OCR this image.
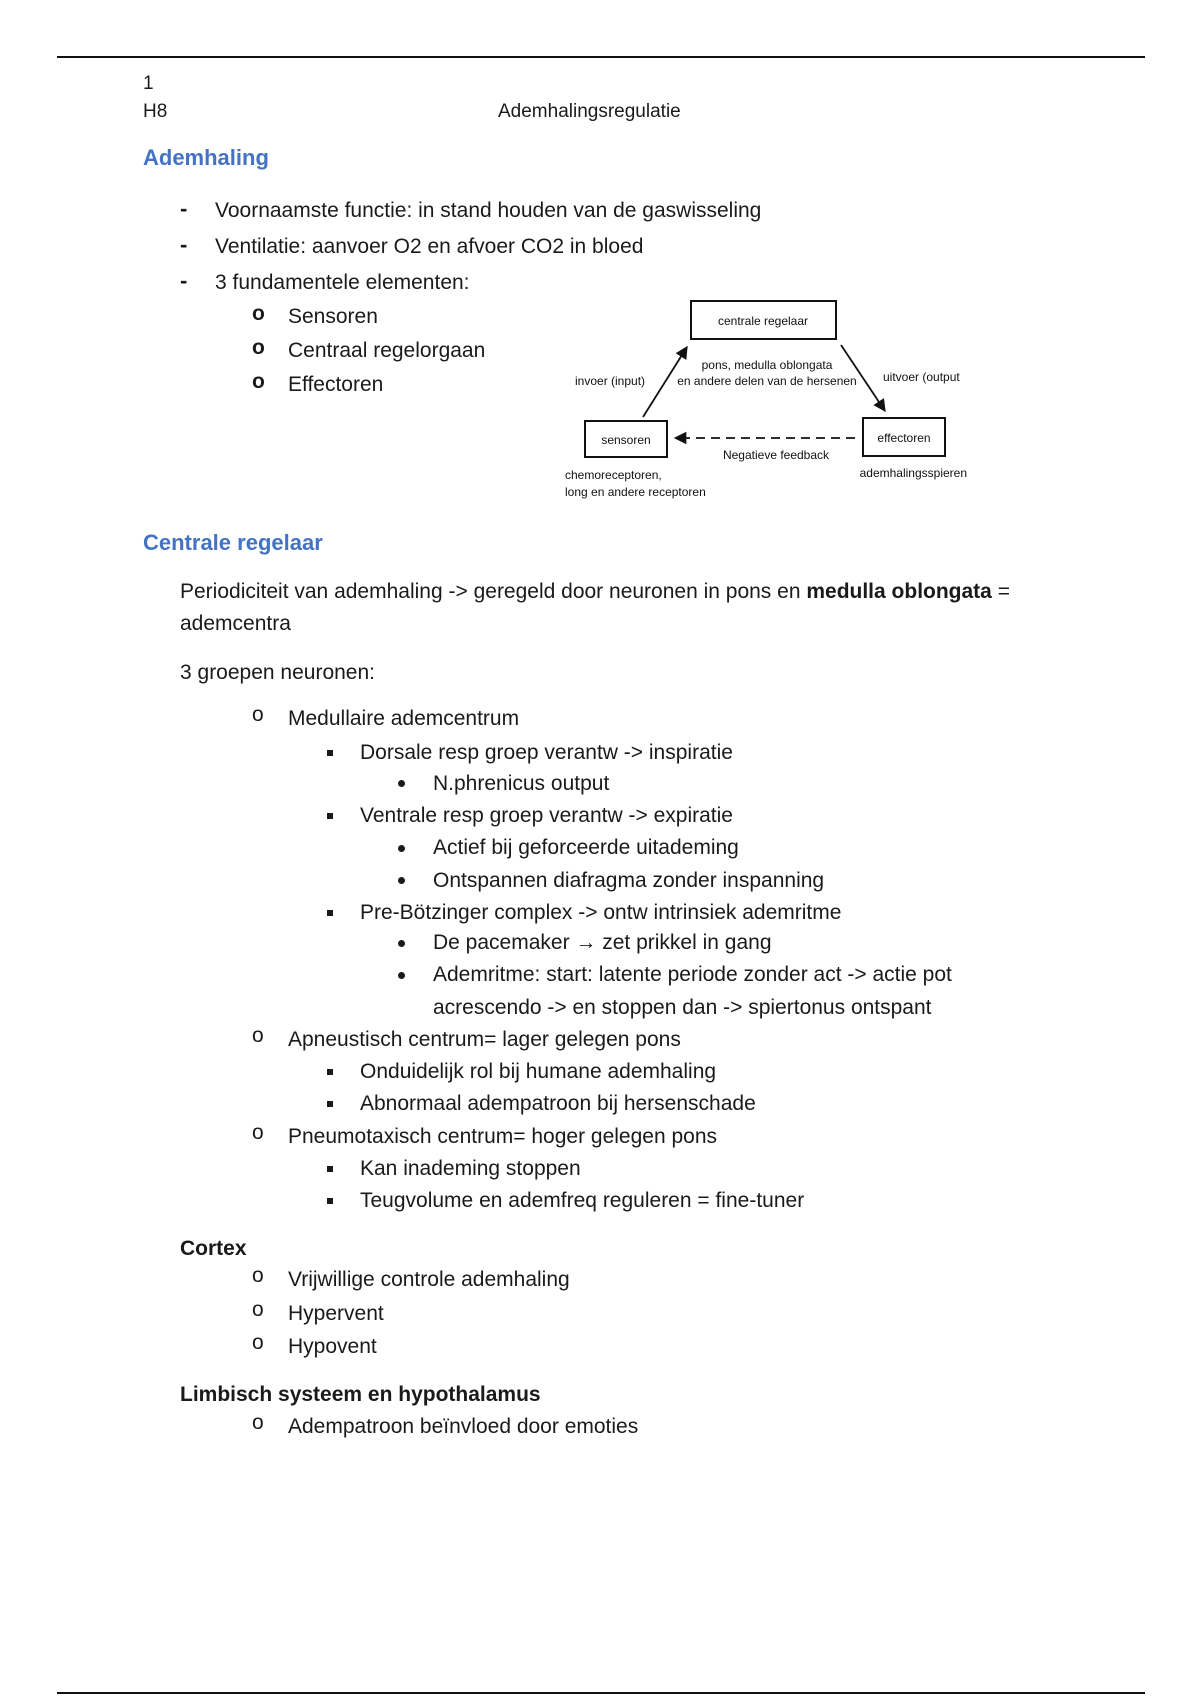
1
H8	Ademhalingsregulatie
Ademhaling
- Voornaamste functie: in stand houden van de gaswisseling
- Ventilatie: aanvoer O2 en afvoer CO2 in bloed
- 3 fundamentele elementen:
o Sensoren
o Centraal regelorgaan
o Effectoren
centrale regelaar
pons, medulla oblongata
en andere delen van de hersenen
invoer (input)	uitvoer (output
sensoren	effectoren
Negatieve feedback
chemoreceptoren,
long en andere receptoren
ademhalingsspieren
Centrale regelaar
Periodiciteit van ademhaling -> geregeld door neuronen in pons en medulla oblongata =
ademcentra
3 groepen neuronen:
o Medullaire ademcentrum
Dorsale resp groep verantw -> inspiratie
N.phrenicus output
Ventrale resp groep verantw -> expiratie
Actief bij geforceerde uitademing
Ontspannen diafragma zonder inspanning
Pre-Bötzinger complex -> ontw intrinsiek ademritme
De pacemaker → zet prikkel in gang
Ademritme: start: latente periode zonder act -> actie pot
acrescendo -> en stoppen dan -> spiertonus ontspant
o Apneustisch centrum= lager gelegen pons
Onduidelijk rol bij humane ademhaling
Abnormaal adempatroon bij hersenschade
o Pneumotaxisch centrum= hoger gelegen pons
Kan inademing stoppen
Teugvolume en ademfreq reguleren = fine-tuner
Cortex
o Vrijwillige controle ademhaling
o Hypervent
o Hypovent
Limbisch systeem en hypothalamus
o Adempatroon beïnvloed door emoties
